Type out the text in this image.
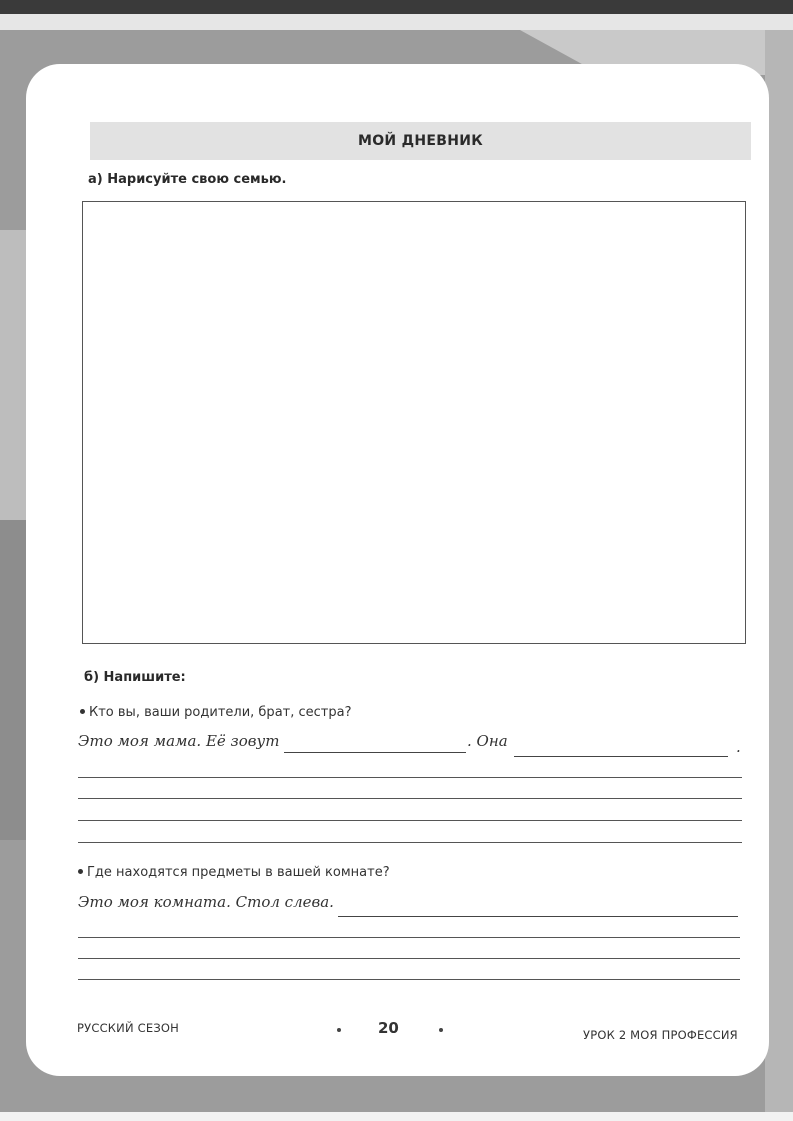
МОЙ ДНЕВНИК
а) Нарисуйте свою семью.
б) Напишите:
Кто вы, ваши родители, брат, сестра?
Это моя мама. Её зовут	. Она	.
Где находятся предметы в вашей комнате?
Это моя комната. Стол слева.
РУССКИЙ СЕЗОН	20	УРОК 2 МОЯ ПРОФЕССИЯ
